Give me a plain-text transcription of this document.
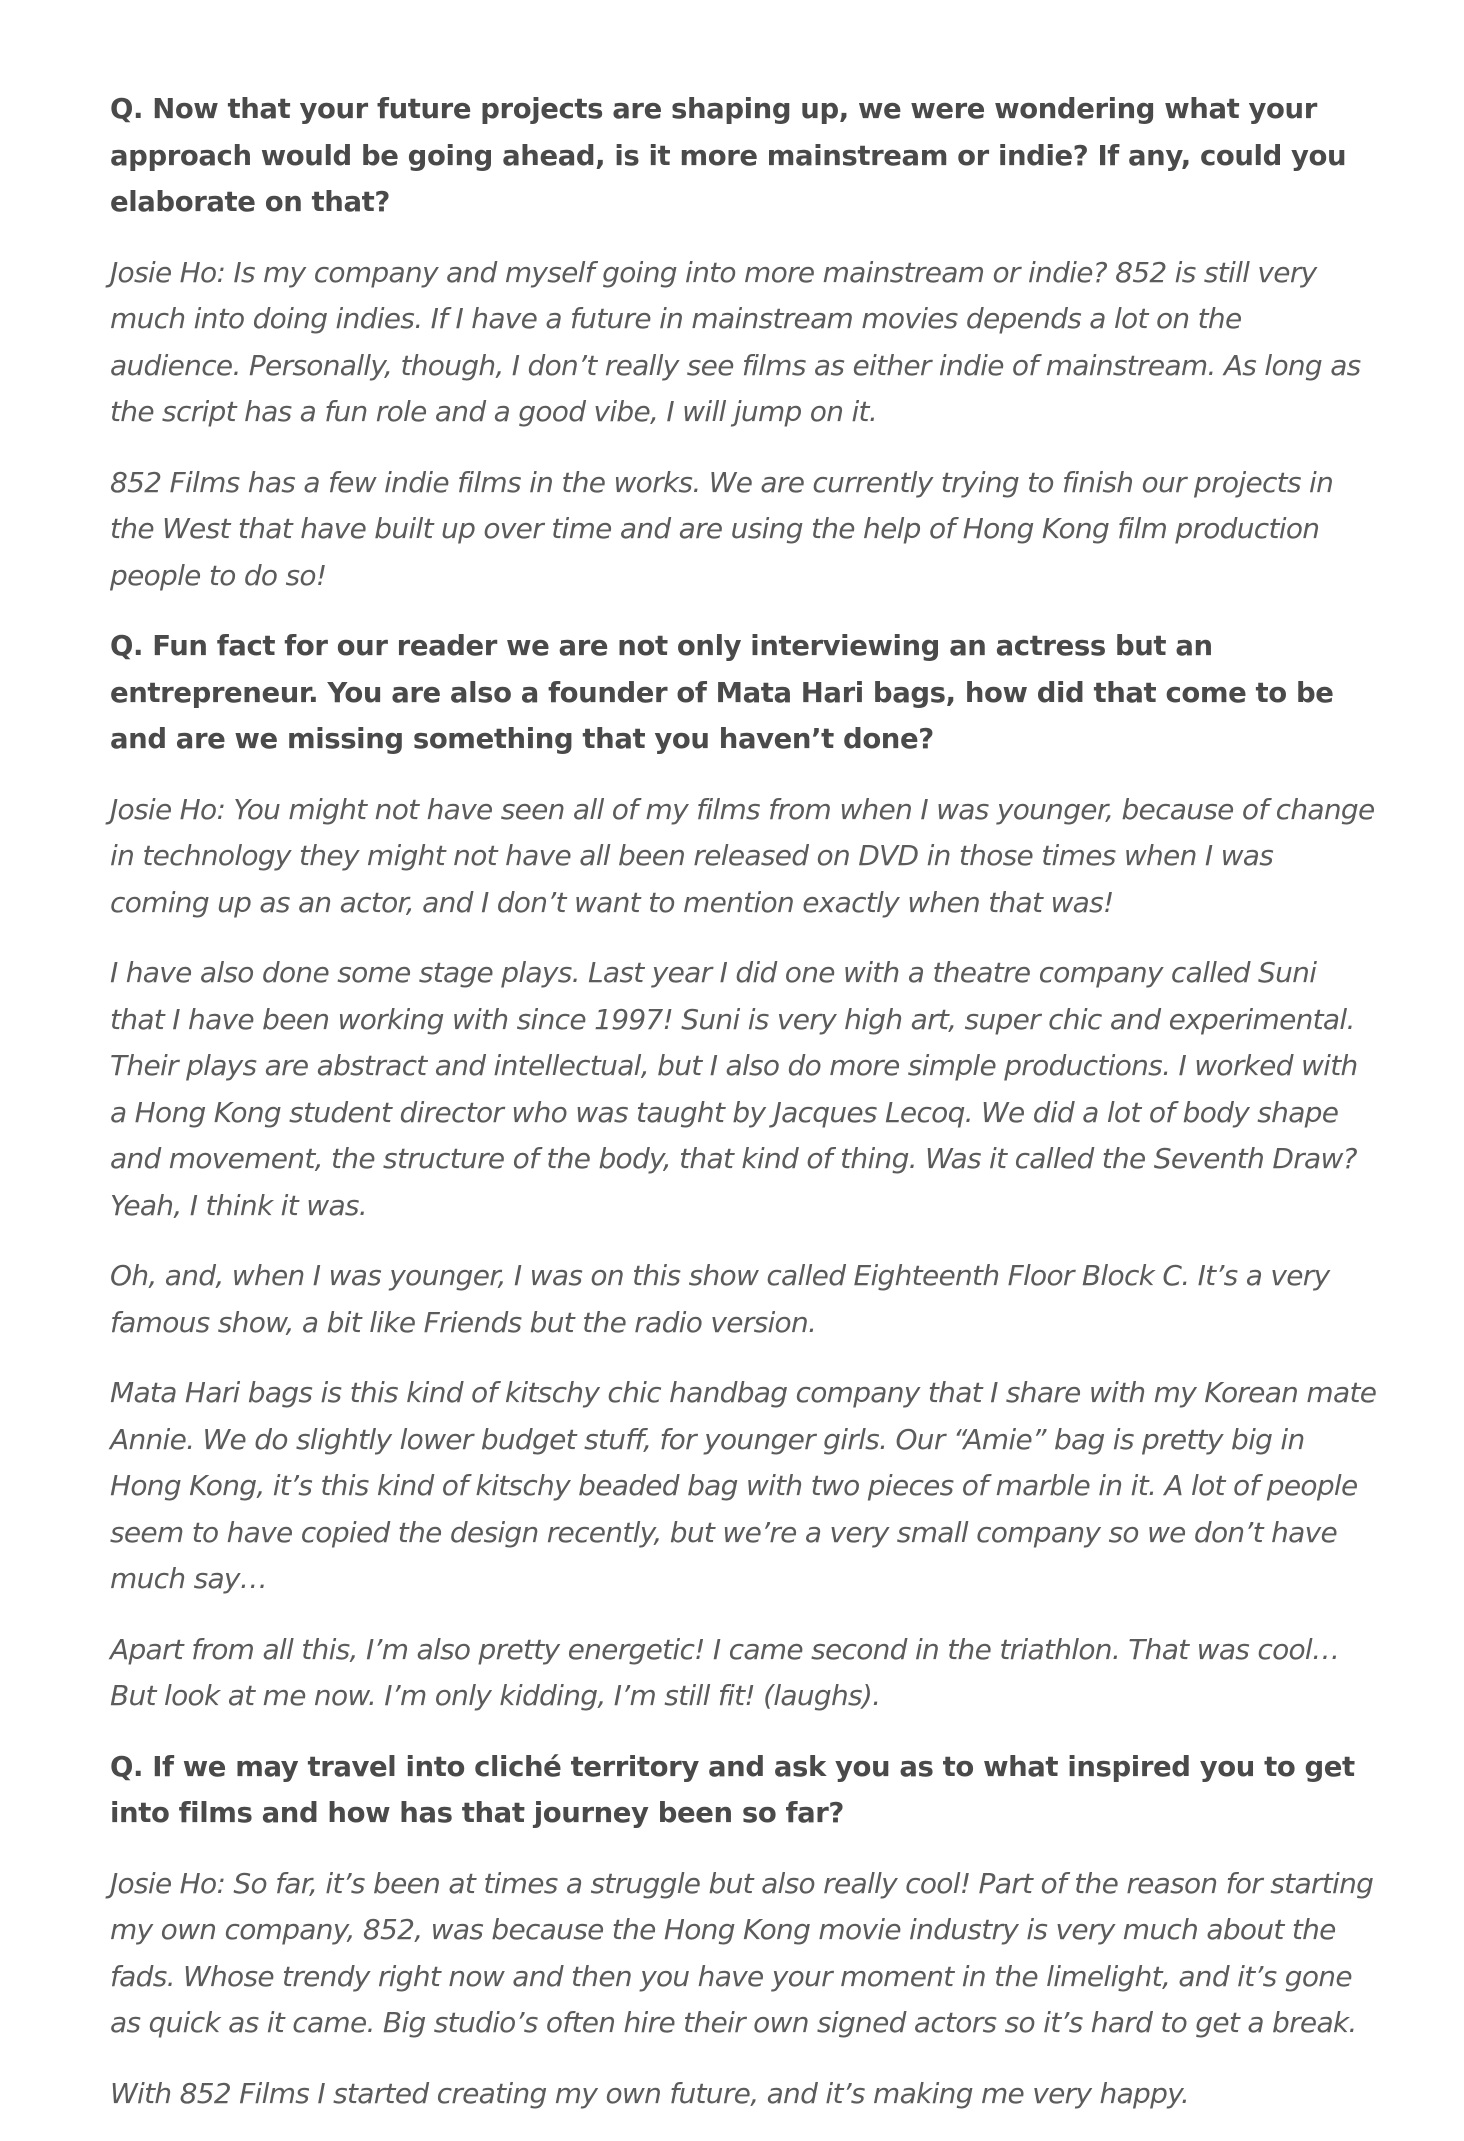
Q. Now that your future projects are shaping up, we were wondering what your approach would be going ahead, is it more mainstream or indie? If any, could you elaborate on that?

Josie Ho: Is my company and myself going into more mainstream or indie? 852 is still very much into doing indies. If I have a future in mainstream movies depends a lot on the audience. Personally, though, I don’t really see films as either indie of mainstream. As long as the script has a fun role and a good vibe, I will jump on it.

852 Films has a few indie films in the works. We are currently trying to finish our projects in the West that have built up over time and are using the help of Hong Kong film production people to do so!

Q. Fun fact for our reader we are not only interviewing an actress but an entrepreneur. You are also a founder of Mata Hari bags, how did that come to be and are we missing something that you haven’t done?

Josie Ho: You might not have seen all of my films from when I was younger, because of change in technology they might not have all been released on DVD in those times when I was coming up as an actor, and I don’t want to mention exactly when that was!

I have also done some stage plays. Last year I did one with a theatre company called Suni that I have been working with since 1997! Suni is very high art, super chic and experimental. Their plays are abstract and intellectual, but I also do more simple productions. I worked with a Hong Kong student director who was taught by Jacques Lecoq. We did a lot of body shape and movement, the structure of the body, that kind of thing. Was it called the Seventh Draw? Yeah, I think it was.

Oh, and, when I was younger, I was on this show called Eighteenth Floor Block C. It’s a very famous show, a bit like Friends but the radio version.

Mata Hari bags is this kind of kitschy chic handbag company that I share with my Korean mate Annie. We do slightly lower budget stuff, for younger girls. Our “Amie” bag is pretty big in Hong Kong, it’s this kind of kitschy beaded bag with two pieces of marble in it. A lot of people seem to have copied the design recently, but we’re a very small company so we don’t have much say…

Apart from all this, I’m also pretty energetic! I came second in the triathlon. That was cool… But look at me now. I’m only kidding, I’m still fit! (laughs).

Q. If we may travel into cliché territory and ask you as to what inspired you to get into films and how has that journey been so far?

Josie Ho: So far, it’s been at times a struggle but also really cool! Part of the reason for starting my own company, 852, was because the Hong Kong movie industry is very much about the fads. Whose trendy right now and then you have your moment in the limelight, and it’s gone as quick as it came. Big studio’s often hire their own signed actors so it’s hard to get a break.

With 852 Films I started creating my own future, and it’s making me very happy.
